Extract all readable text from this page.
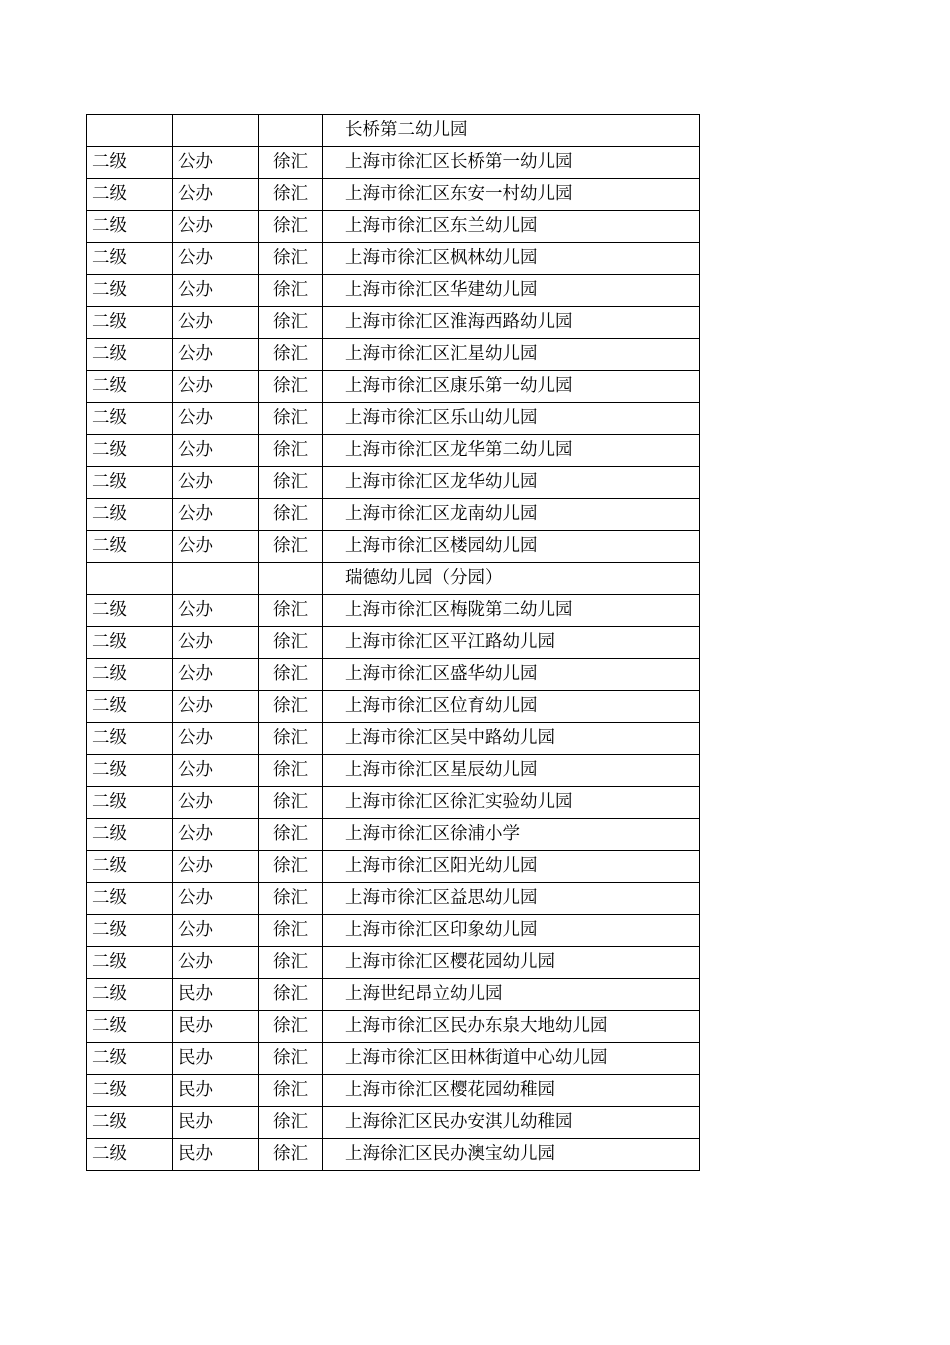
			长桥第二幼儿园
二级	公办	徐汇	上海市徐汇区长桥第一幼儿园
二级	公办	徐汇	上海市徐汇区东安一村幼儿园
二级	公办	徐汇	上海市徐汇区东兰幼儿园
二级	公办	徐汇	上海市徐汇区枫林幼儿园
二级	公办	徐汇	上海市徐汇区华建幼儿园
二级	公办	徐汇	上海市徐汇区淮海西路幼儿园
二级	公办	徐汇	上海市徐汇区汇星幼儿园
二级	公办	徐汇	上海市徐汇区康乐第一幼儿园
二级	公办	徐汇	上海市徐汇区乐山幼儿园
二级	公办	徐汇	上海市徐汇区龙华第二幼儿园
二级	公办	徐汇	上海市徐汇区龙华幼儿园
二级	公办	徐汇	上海市徐汇区龙南幼儿园
二级	公办	徐汇	上海市徐汇区楼园幼儿园
			瑞德幼儿园（分园）
二级	公办	徐汇	上海市徐汇区梅陇第二幼儿园
二级	公办	徐汇	上海市徐汇区平江路幼儿园
二级	公办	徐汇	上海市徐汇区盛华幼儿园
二级	公办	徐汇	上海市徐汇区位育幼儿园
二级	公办	徐汇	上海市徐汇区吴中路幼儿园
二级	公办	徐汇	上海市徐汇区星辰幼儿园
二级	公办	徐汇	上海市徐汇区徐汇实验幼儿园
二级	公办	徐汇	上海市徐汇区徐浦小学
二级	公办	徐汇	上海市徐汇区阳光幼儿园
二级	公办	徐汇	上海市徐汇区益思幼儿园
二级	公办	徐汇	上海市徐汇区印象幼儿园
二级	公办	徐汇	上海市徐汇区樱花园幼儿园
二级	民办	徐汇	上海世纪昂立幼儿园
二级	民办	徐汇	上海市徐汇区民办东泉大地幼儿园
二级	民办	徐汇	上海市徐汇区田林街道中心幼儿园
二级	民办	徐汇	上海市徐汇区樱花园幼稚园
二级	民办	徐汇	上海徐汇区民办安淇儿幼稚园
二级	民办	徐汇	上海徐汇区民办澳宝幼儿园
